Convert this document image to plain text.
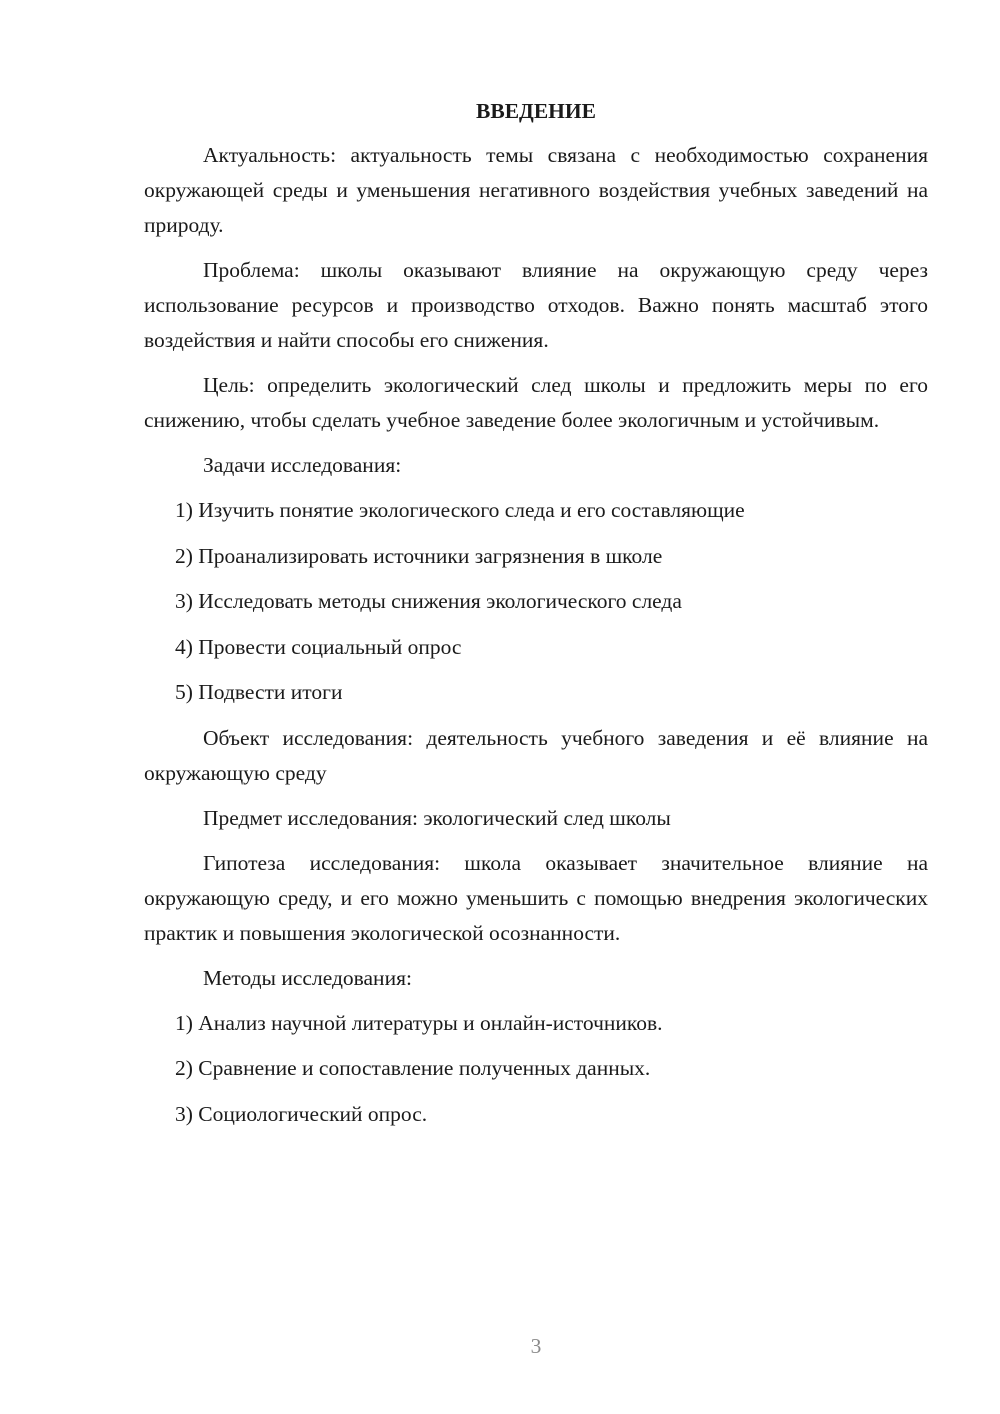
ВВЕДЕНИЕ

Актуальность: актуальность темы связана с необходимостью сохранения окружающей среды и уменьшения негативного воздействия учебных заведений на природу.

Проблема: школы оказывают влияние на окружающую среду через использование ресурсов и производство отходов. Важно понять масштаб этого воздействия и найти способы его снижения.

Цель: определить экологический след школы и предложить меры по его снижению, чтобы сделать учебное заведение более экологичным и устойчивым.

Задачи исследования:

1) Изучить понятие экологического следа и его составляющие
2) Проанализировать источники загрязнения в школе
3) Исследовать методы снижения экологического следа
4) Провести социальный опрос
5) Подвести итоги

Объект исследования: деятельность учебного заведения и её влияние на окружающую среду

Предмет исследования: экологический след школы

Гипотеза исследования: школа оказывает значительное влияние на окружающую среду, и его можно уменьшить с помощью внедрения экологических практик и повышения экологической осознанности.

Методы исследования:

1) Анализ научной литературы и онлайн-источников.
2) Сравнение и сопоставление полученных данных.
3) Социологический опрос.
3
